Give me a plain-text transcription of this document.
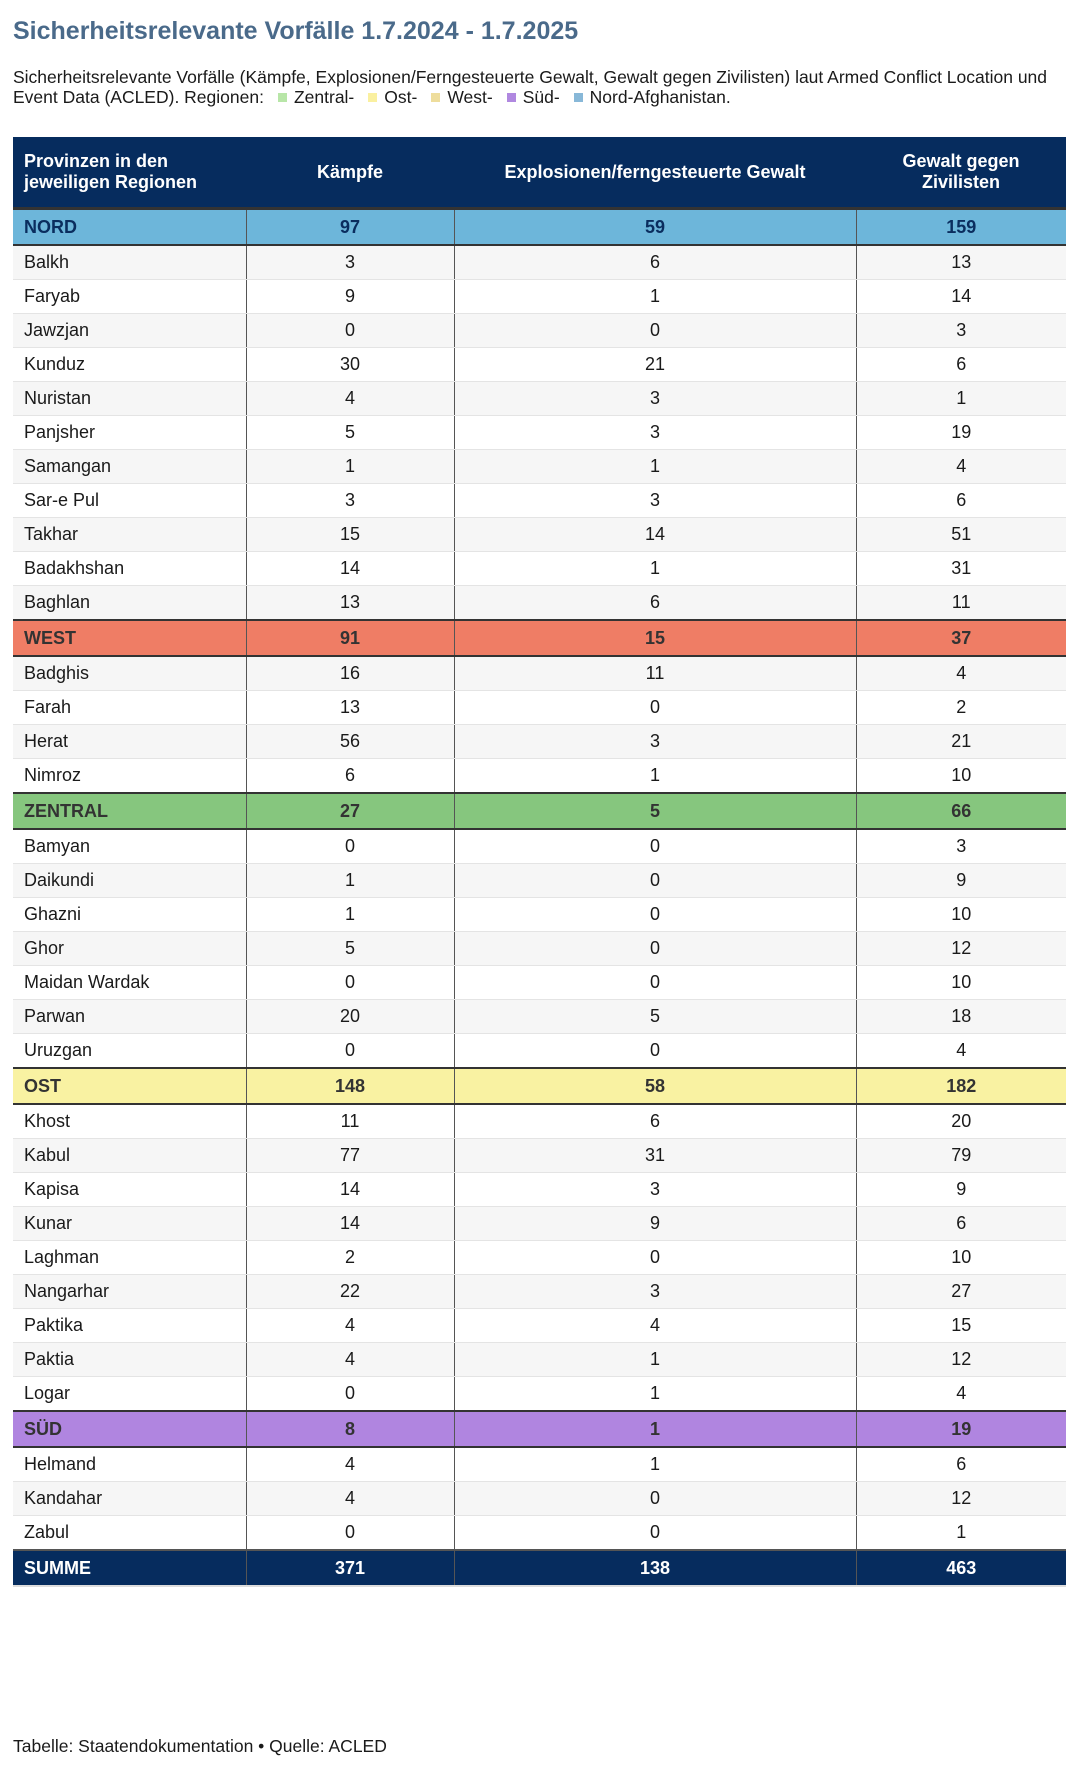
Sicherheitsrelevante Vorfälle 1.7.2024 - 1.7.2025

Sicherheitsrelevante Vorfälle (Kämpfe, Explosionen/Ferngesteuerte Gewalt, Gewalt gegen Zivilisten) laut Armed Conflict Location und Event Data (ACLED). Regionen: Zentral- Ost- West- Süd- Nord-Afghanistan.

Provinzen in den jeweiligen Regionen	Kämpfe	Explosionen/ferngesteuerte Gewalt	Gewalt gegen Zivilisten
NORD	97	59	159
Balkh	3	6	13
Faryab	9	1	14
Jawzjan	0	0	3
Kunduz	30	21	6
Nuristan	4	3	1
Panjsher	5	3	19
Samangan	1	1	4
Sar-e Pul	3	3	6
Takhar	15	14	51
Badakhshan	14	1	31
Baghlan	13	6	11
WEST	91	15	37
Badghis	16	11	4
Farah	13	0	2
Herat	56	3	21
Nimroz	6	1	10
ZENTRAL	27	5	66
Bamyan	0	0	3
Daikundi	1	0	9
Ghazni	1	0	10
Ghor	5	0	12
Maidan Wardak	0	0	10
Parwan	20	5	18
Uruzgan	0	0	4
OST	148	58	182
Khost	11	6	20
Kabul	77	31	79
Kapisa	14	3	9
Kunar	14	9	6
Laghman	2	0	10
Nangarhar	22	3	27
Paktika	4	4	15
Paktia	4	1	12
Logar	0	1	4
SÜD	8	1	19
Helmand	4	1	6
Kandahar	4	0	12
Zabul	0	0	1
SUMME	371	138	463

Tabelle: Staatendokumentation • Quelle: ACLED
